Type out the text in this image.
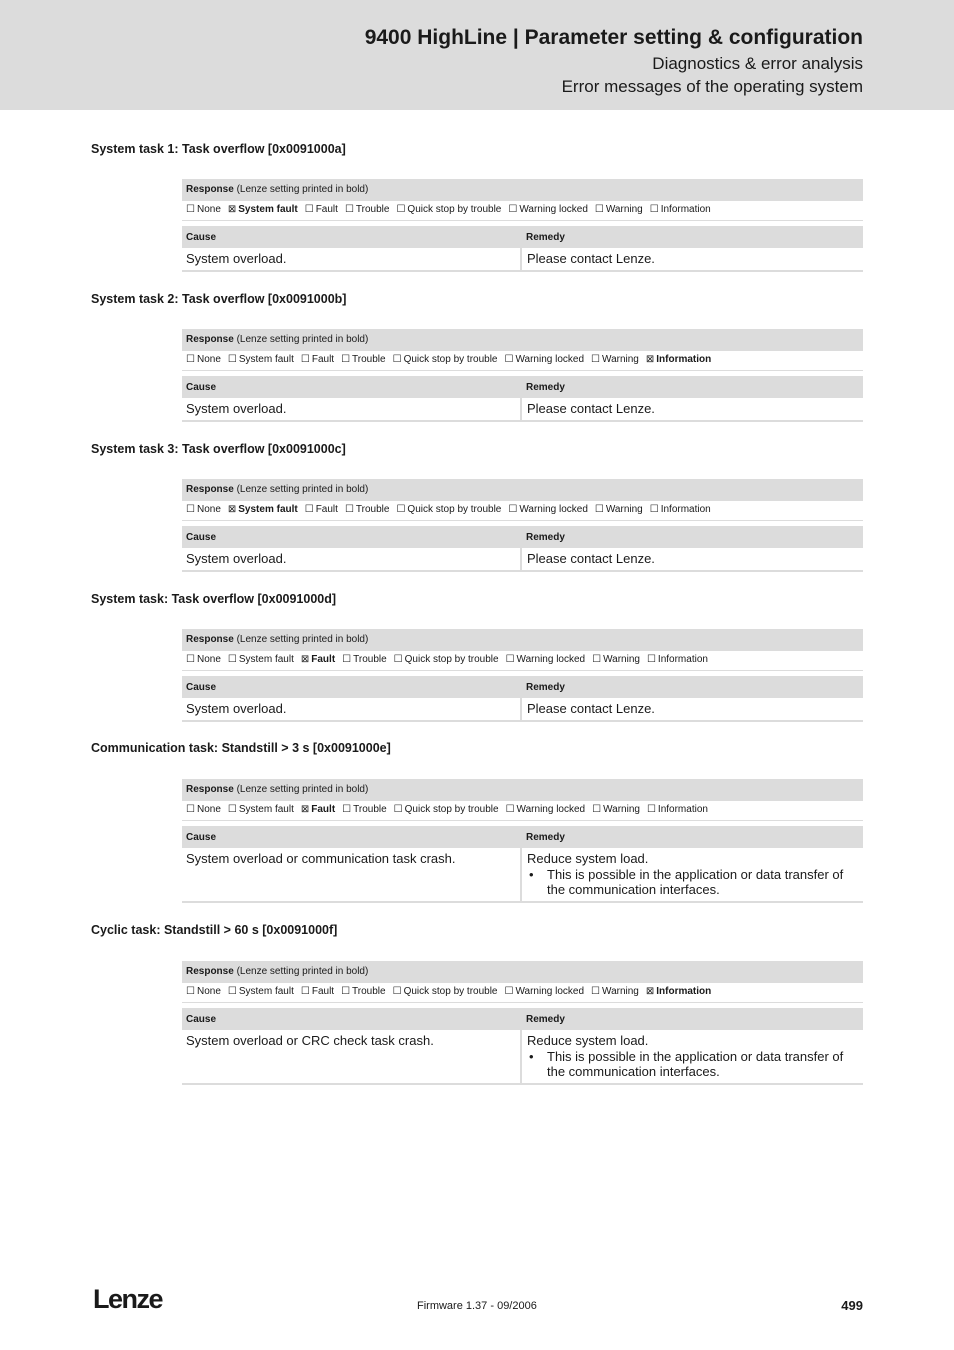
9400 HighLine | Parameter setting & configuration
Diagnostics & error analysis
Error messages of the operating system
System task 1: Task overflow [0x0091000a]
Response (Lenze setting printed in bold)
☐ None ⊠ System fault ☐ Fault ☐ Trouble ☐ Quick stop by trouble ☐ Warning locked ☐ Warning ☐ Information
Cause	Remedy
System overload.	Please contact Lenze.
System task 2: Task overflow [0x0091000b]
Response (Lenze setting printed in bold)
☐ None ☐ System fault ☐ Fault ☐ Trouble ☐ Quick stop by trouble ☐ Warning locked ☐ Warning ⊠ Information
Cause	Remedy
System overload.	Please contact Lenze.
System task 3: Task overflow [0x0091000c]
Response (Lenze setting printed in bold)
☐ None ⊠ System fault ☐ Fault ☐ Trouble ☐ Quick stop by trouble ☐ Warning locked ☐ Warning ☐ Information
Cause	Remedy
System overload.	Please contact Lenze.
System task: Task overflow [0x0091000d]
Response (Lenze setting printed in bold)
☐ None ☐ System fault ⊠ Fault ☐ Trouble ☐ Quick stop by trouble ☐ Warning locked ☐ Warning ☐ Information
Cause	Remedy
System overload.	Please contact Lenze.
Communication task: Standstill > 3 s [0x0091000e]
Response (Lenze setting printed in bold)
☐ None ☐ System fault ⊠ Fault ☐ Trouble ☐ Quick stop by trouble ☐ Warning locked ☐ Warning ☐ Information
Cause	Remedy
System overload or communication task crash.	Reduce system load.
•	This is possible in the application or data transfer of the communication interfaces.
Cyclic task: Standstill > 60 s [0x0091000f]
Response (Lenze setting printed in bold)
☐ None ☐ System fault ☐ Fault ☐ Trouble ☐ Quick stop by trouble ☐ Warning locked ☐ Warning ⊠ Information
Cause	Remedy
System overload or CRC check task crash.	Reduce system load.
•	This is possible in the application or data transfer of the communication interfaces.
Lenze	Firmware 1.37 - 09/2006	499
